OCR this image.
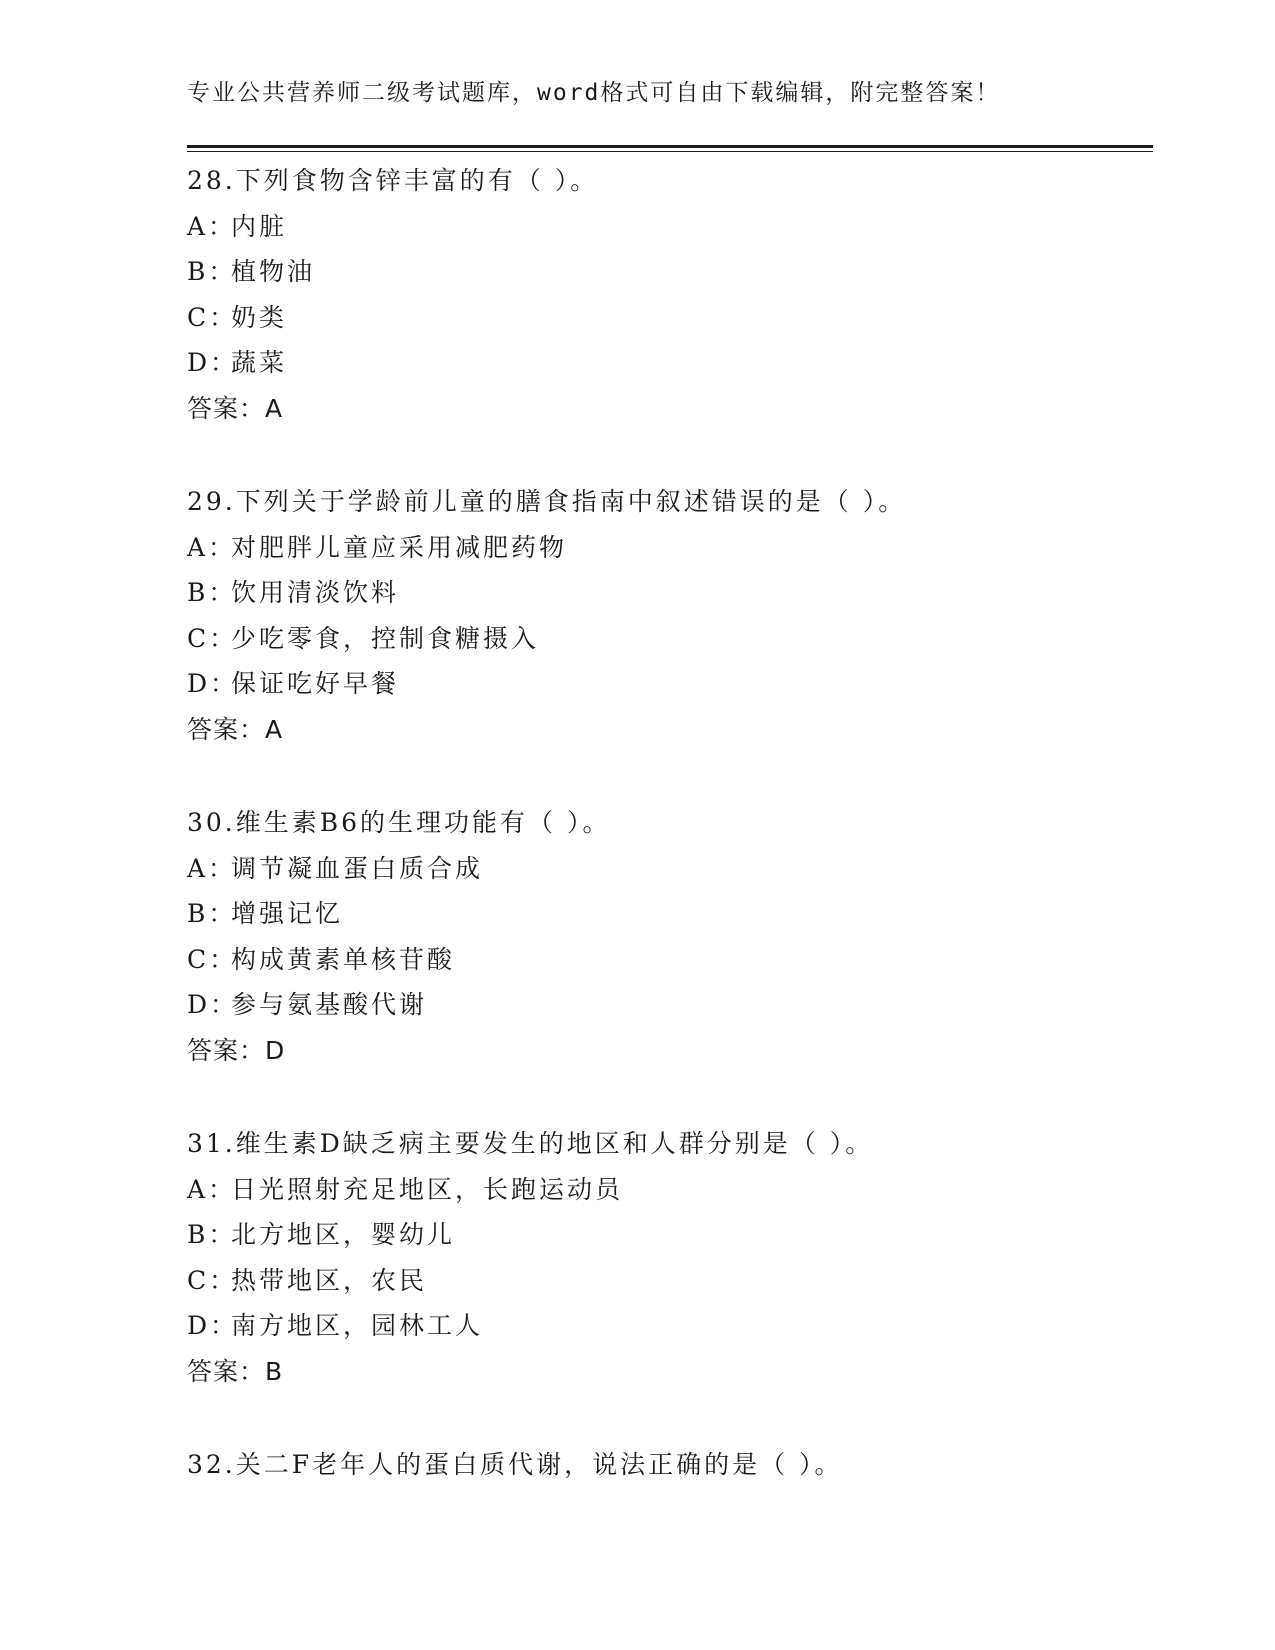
专业公共营养师二级考试题库，word格式可自由下载编辑，附完整答案！
28.下列食物含锌丰富的有（ ）。
A：
内脏
B：
植物油
C：
奶类
D：
蔬菜
答案：A
29.下列关于学龄前儿童的膳食指南中叙述错误的是（ ）。
A：
对肥胖儿童应采用减肥药物
B：
饮用清淡饮料
C：
少吃零食，控制食糖摄入
D：
保证吃好早餐
答案：A
30.维生素B6的生理功能有（ ）。
A：
调节凝血蛋白质合成
B：
增强记忆
C：
构成黄素单核苷酸
D：
参与氨基酸代谢
答案：D
31.维生素D缺乏病主要发生的地区和人群分别是（ ）。
A：
日光照射充足地区，长跑运动员
B：
北方地区，婴幼儿
C：
热带地区，农民
D：
南方地区，园林工人
答案：B
32.关二F老年人的蛋白质代谢，说法正确的是（ ）。
